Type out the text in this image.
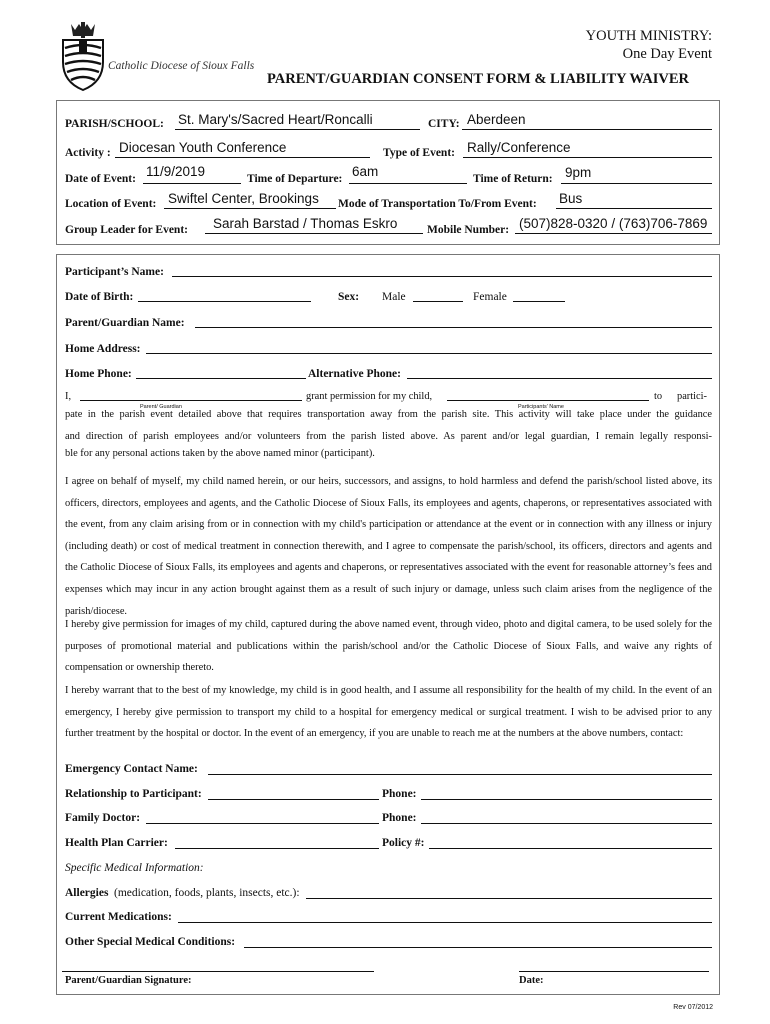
Catholic Diocese of Sioux Falls
YOUTH MINISTRY:
One Day Event
PARENT/GUARDIAN CONSENT FORM & LIABILITY WAIVER
PARISH/SCHOOL: St. Mary's/Sacred Heart/Roncalli	CITY: Aberdeen
Activity : Diocesan Youth Conference	Type of Event: Rally/Conference
Date of Event: 11/9/2019	Time of Departure: 6am	Time of Return: 9pm
Location of Event: Swiftel Center, Brookings Mode of Transportation To/From Event: Bus
Group Leader for Event: Sarah Barstad / Thomas Eskro	Mobile Number: (507)828-0320 / (763)706-7869
Participant’s Name:
Date of Birth:	Sex: Male	Female
Parent/Guardian Name:
Home Address:
Home Phone:	Alternative Phone:
I,	grant permission for my child,	to partici-
Parent/ Guardian	Participants’ Name
pate in the parish event detailed above that requires transportation away from the parish site. This activity will take place under the guidance
and direction of parish employees and/or volunteers from the parish listed above. As parent and/or legal guardian, I remain legally responsi-
ble for any personal actions taken by the above named minor (participant).
I agree on behalf of myself, my child named herein, or our heirs, successors, and assigns, to hold harmless and defend the parish/school listed above, its officers, directors, employees and agents, and the Catholic Diocese of Sioux Falls, its employees and agents, chaperons, or representatives associated with the event, from any claim arising from or in connection with my child's participation or attendance at the event or in connection with any illness or injury (including death) or cost of medical treatment in connection therewith, and I agree to compensate the parish/school, its officers, directors and agents and the Catholic Diocese of Sioux Falls, its employees and agents and chaperons, or representatives associated with the event for reasonable attorney’s fees and expenses which may incur in any action brought against them as a result of such injury or damage, unless such claim arises from the negligence of the parish/diocese.
I hereby give permission for images of my child, captured during the above named event, through video, photo and digital camera, to be used solely for the purposes of promotional material and publications within the parish/school and/or the Catholic Diocese of Sioux Falls, and waive any rights of compensation or ownership thereto.
I hereby warrant that to the best of my knowledge, my child is in good health, and I assume all responsibility for the health of my child. In the event of an emergency, I hereby give permission to transport my child to a hospital for emergency medical or surgical treatment. I wish to be advised prior to any further treatment by the hospital or doctor. In the event of an emergency, if you are unable to reach me at the numbers at the above numbers, contact:
Emergency Contact Name:
Relationship to Participant:	Phone:
Family Doctor:	Phone:
Health Plan Carrier:	Policy #:
Specific Medical Information:
Allergies (medication, foods, plants, insects, etc.):
Current Medications:
Other Special Medical Conditions:
Parent/Guardian Signature:	Date:
Rev 07/2012
